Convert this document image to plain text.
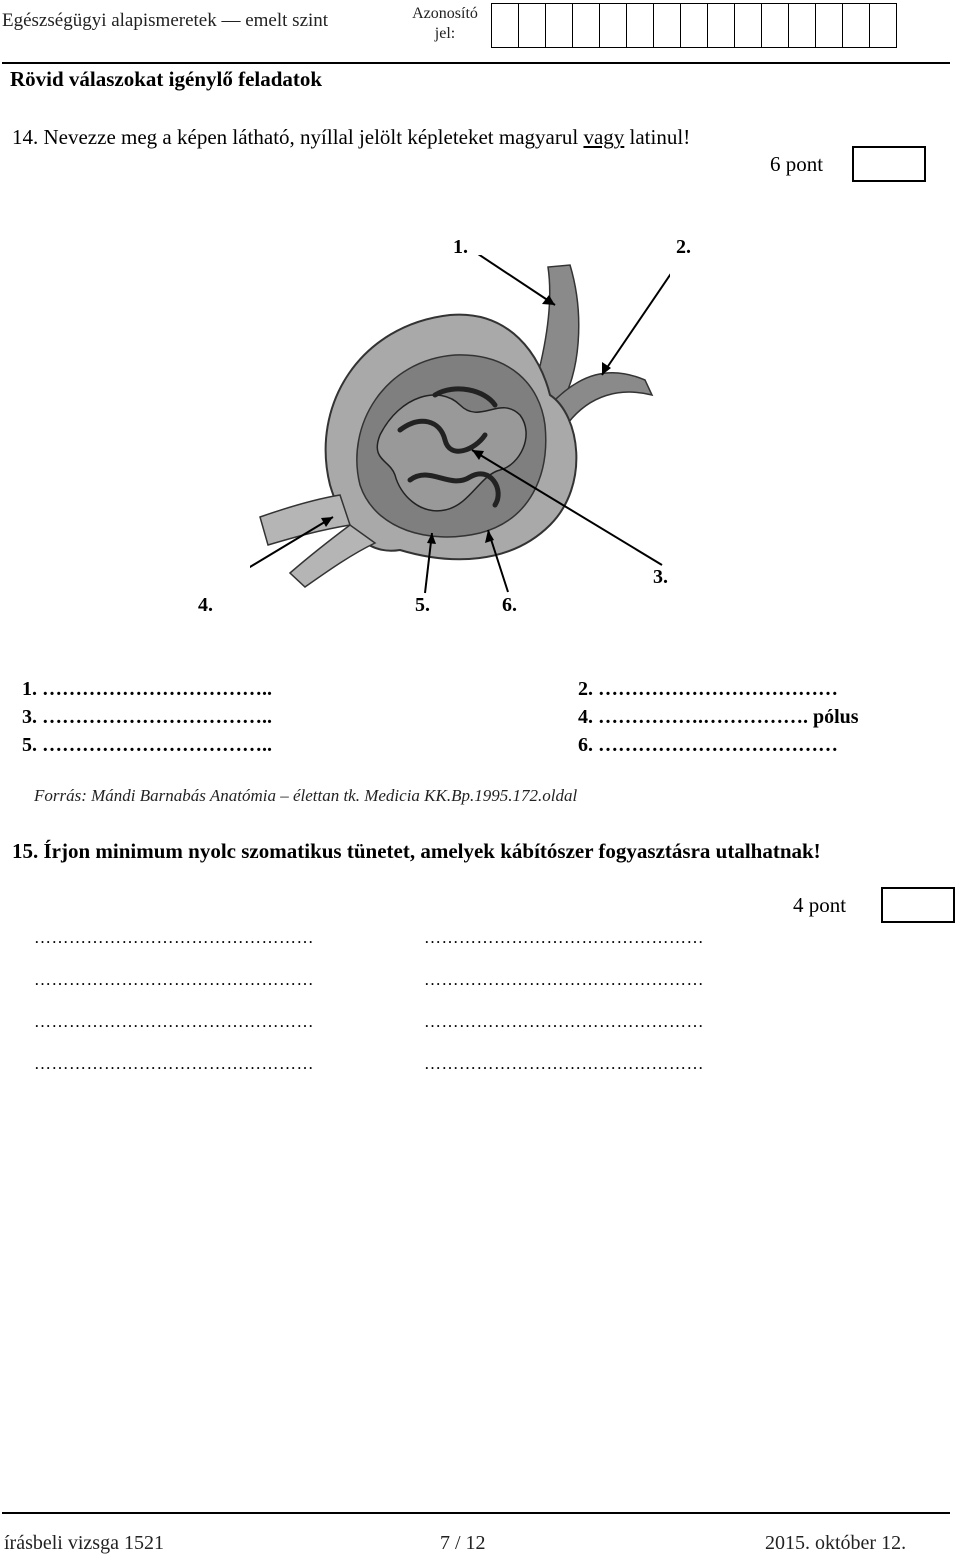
Egészségügyi alapismeretek — emelt szint	Azonosító jel:
Rövid válaszokat igénylő feladatok
14. Nevezze meg a képen látható, nyíllal jelölt képleteket magyarul vagy latinul!
6 pont
1.	2.
3.
4.	5.	6.
1. ……………………………..	2. ………………………………
3. ……………………………..	4. …………….……………. pólus
5. ……………………………..	6. ………………………………
Forrás: Mándi Barnabás Anatómia – élettan tk. Medicia KK.Bp.1995.172.oldal
15. Írjon minimum nyolc szomatikus tünetet, amelyek kábítószer fogyasztásra utalhatnak!
4 pont
…………………………………………	…………………………………………
…………………………………………	…………………………………………
…………………………………………	…………………………………………
…………………………………………	…………………………………………
írásbeli vizsga 1521	7 / 12	2015. október 12.
